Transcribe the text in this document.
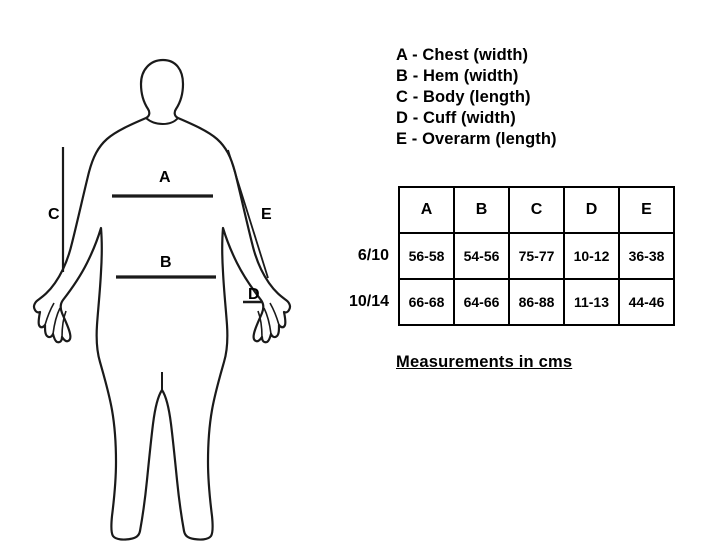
A
B
C
D
E
A - Chest (width)
B - Hem (width)
C - Body (length)
D - Cuff (width)
E - Overarm (length)
	A	B	C	D	E
6/10	56-58	54-56	75-77	10-12	36-38
10/14	66-68	64-66	86-88	11-13	44-46
Measurements in cms
